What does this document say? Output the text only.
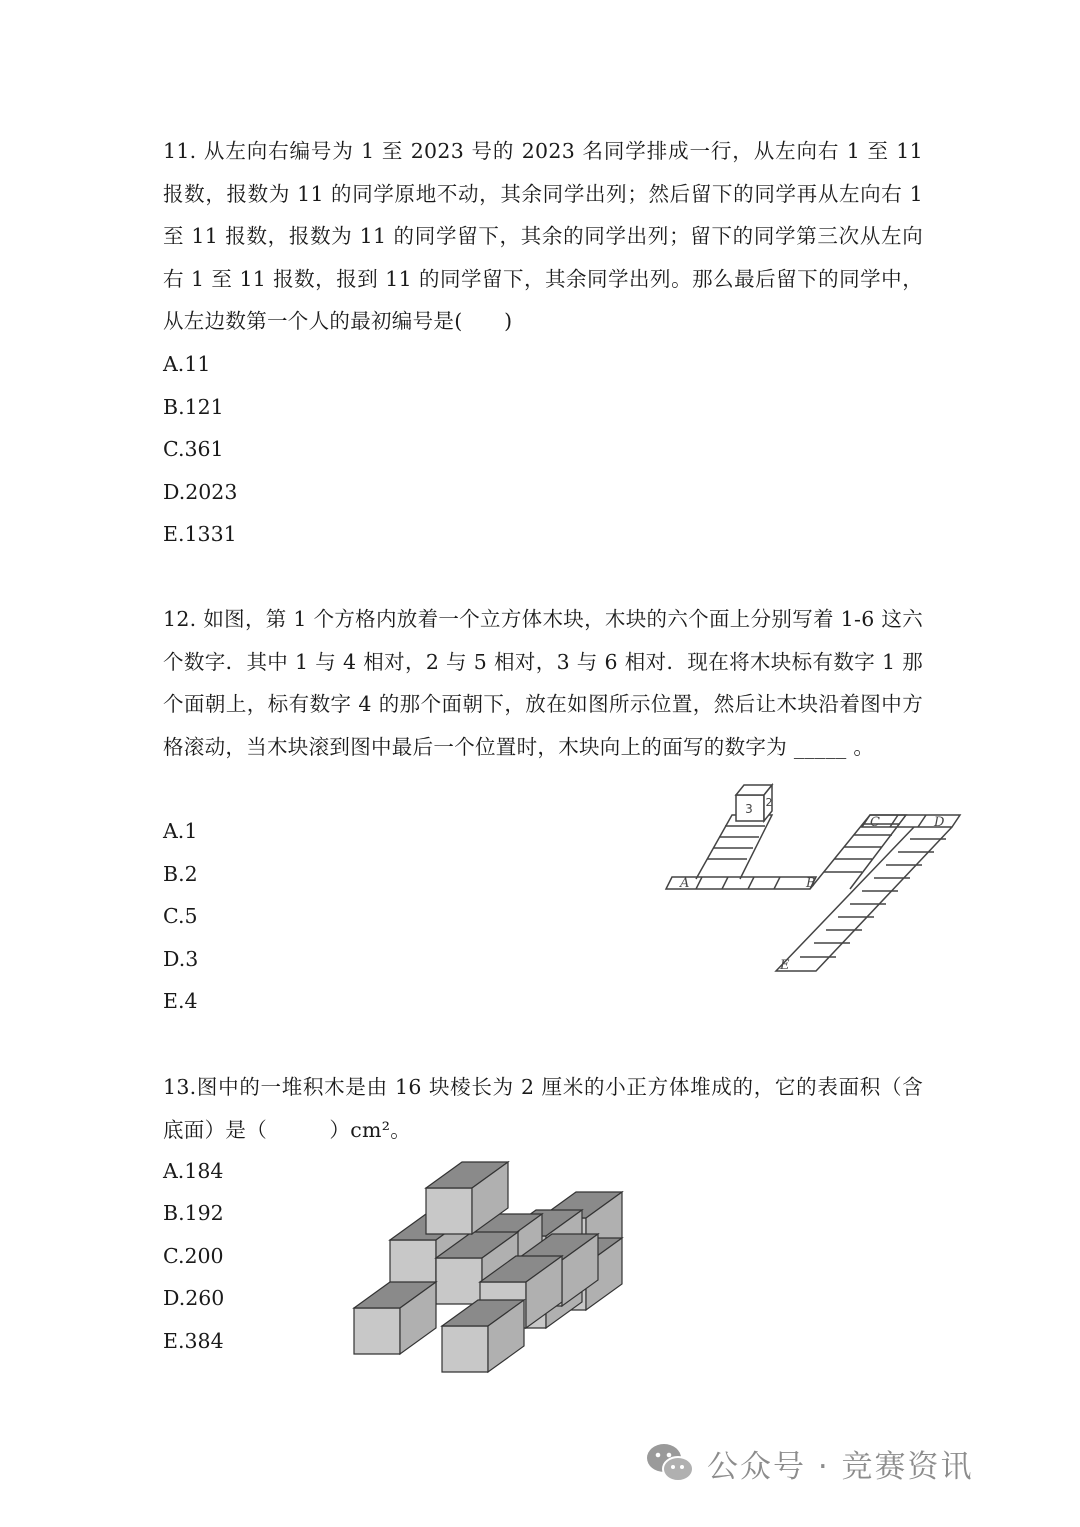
11. 从左向右编号为 1 至 2023 号的 2023 名同学排成一行，从左向右 1 至 11 报数，报数为 11 的同学原地不动，其余同学出列；然后留下的同学再从左向右 1 至 11 报数，报数为 11 的同学留下，其余的同学出列；留下的同学第三次从左向右 1 至 11 报数，报到 11 的同学留下，其余同学出列。那么最后留下的同学中，从左边数第一个人的最初编号是(　　)
A.11
B.121
C.361
D.2023
E.1331
12. 如图，第 1 个方格内放着一个立方体木块，木块的六个面上分别写着 1-6 这六个数字．其中 1 与 4 相对，2 与 5 相对，3 与 6 相对．现在将木块标有数字 1 那个面朝上，标有数字 4 的那个面朝下，放在如图所示位置，然后让木块沿着图中方格滚动，当木块滚到图中最后一个位置时，木块向上的面写的数字为 _____ 。
A.1
B.2
C.5
D.3
E.4
3 2
A	B
C	D
E
13.图中的一堆积木是由 16 块棱长为 2 厘米的小正方体堆成的，它的表面积（含底面）是（　　　）cm²。
A.184
B.192
C.200
D.260
E.384
公众号 · 竞赛资讯
